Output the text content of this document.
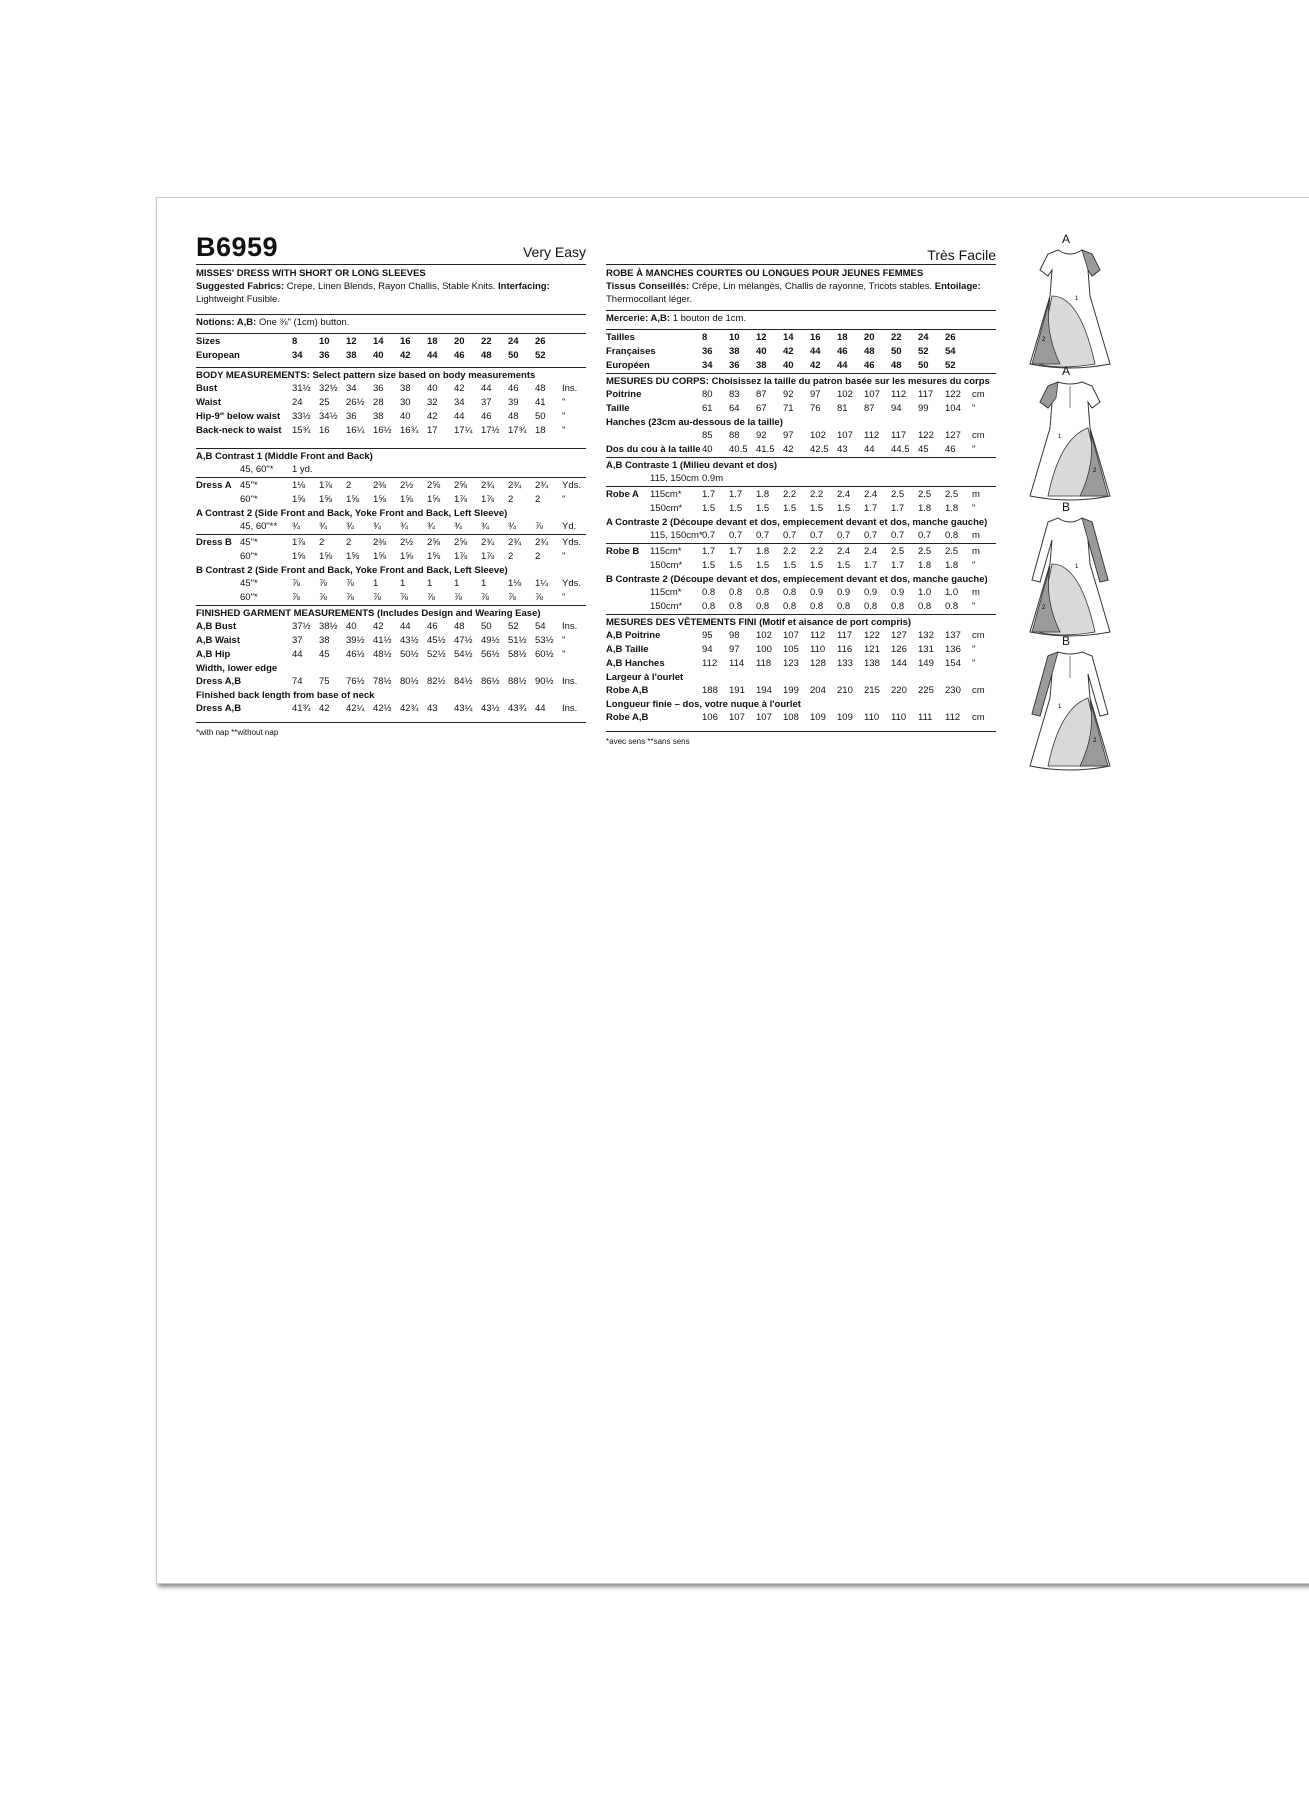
B6959	Very Easy
MISSES' DRESS WITH SHORT OR LONG SLEEVES
Suggested Fabrics: Crepe, Linen Blends, Rayon Challis, Stable Knits. Interfacing: Lightweight Fusible.
Notions: A,B: One ⅜" (1cm) button.
Sizes	8	10	12	14	16	18	20	22	24	26	
European	34	36	38	40	42	44	46	48	50	52	
BODY MEASUREMENTS: Select pattern size based on body measurements
Bust	31½	32½	34	36	38	40	42	44	46	48	Ins.
Waist	24	25	26½	28	30	32	34	37	39	41	"
Hip-9" below waist	33½	34½	36	38	40	42	44	46	48	50	"
Back-neck to waist	15¾	16	16¼	16½	16¾	17	17¼	17½	17¾	18	"
A,B Contrast 1 (Middle Front and Back)
	45, 60"*	1 yd.										
Dress A	45"*	1⅛	1⅞	2	2⅜	2½	2⅝	2⅝	2¾	2¾	2¾	Yds.
	60"*	1⅝	1⅝	1⅝	1⅝	1⅝	1⅝	1⅞	1⅞	2	2	"
A Contrast 2 (Side Front and Back, Yoke Front and Back, Left Sleeve)
	45, 60"**	¾	¾	¾	¾	¾	¾	¾	¾	¾	⅞	Yd.
Dress B	45"*	1⅞	2	2	2⅜	2½	2⅝	2⅝	2¾	2¾	2¾	Yds.
	60"*	1⅝	1⅝	1⅝	1⅝	1⅝	1⅝	1⅞	1⅞	2	2	"
B Contrast 2 (Side Front and Back, Yoke Front and Back, Left Sleeve)
	45"*	⅞	⅞	⅞	1	1	1	1	1	1⅛	1¼	Yds.
	60"*	⅞	⅞	⅞	⅞	⅞	⅞	⅞	⅞	⅞	⅞	"
FINISHED GARMENT MEASUREMENTS (Includes Design and Wearing Ease)
A,B Bust	37½	38½	40	42	44	46	48	50	52	54	Ins.
A,B Waist	37	38	39½	41½	43½	45½	47½	49½	51½	53½	"
A,B Hip	44	45	46½	48½	50½	52½	54½	56½	58½	60½	"
Width, lower edge
Dress A,B	74	75	76½	78½	80½	82½	84½	86½	88½	90½	Ins.
Finished back length from base of neck
Dress A,B	41¾	42	42¼	42½	42¾	43	43¼	43½	43¾	44	Ins.
*with nap **without nap
Très Facile
ROBE À MANCHES COURTES OU LONGUES POUR JEUNES FEMMES
Tissus Conseillés: Crêpe, Lin mélangés, Challis de rayonne, Tricots stables. Entoilage: Thermocollant léger.
Mercerie: A,B: 1 bouton de 1cm.
Tailles	8	10	12	14	16	18	20	22	24	26	
Françaises	36	38	40	42	44	46	48	50	52	54	
Européen	34	36	38	40	42	44	46	48	50	52	
MESURES DU CORPS: Choisissez la taille du patron basée sur les mesures du corps
Poitrine	80	83	87	92	97	102	107	112	117	122	cm
Taille	61	64	67	71	76	81	87	94	99	104	"
Hanches (23cm au-dessous de la taille)
	85	88	92	97	102	107	112	117	122	127	cm
Dos du cou à la taille	40	40.5	41.5	42	42.5	43	44	44.5	45	46	"
A,B Contraste 1 (Milieu devant et dos)
	115, 150cm	0.9m										
Robe A	115cm*	1.7	1.7	1.8	2.2	2.2	2.4	2.4	2.5	2.5	2.5	m
	150cm*	1.5	1.5	1.5	1.5	1.5	1.5	1.7	1.7	1.8	1.8	"
A Contraste 2 (Découpe devant et dos, empiecement devant et dos, manche gauche)
	115, 150cm*	0.7	0.7	0.7	0.7	0.7	0.7	0.7	0.7	0.7	0.8	m
Robe B	115cm*	1.7	1.7	1.8	2.2	2.2	2.4	2.4	2.5	2.5	2.5	m
	150cm*	1.5	1.5	1.5	1.5	1.5	1.5	1.7	1.7	1.8	1.8	"
B Contraste 2 (Découpe devant et dos, empiecement devant et dos, manche gauche)
	115cm*	0.8	0.8	0.8	0.8	0.9	0.9	0.9	0.9	1.0	1.0	m
	150cm*	0.8	0.8	0.8	0.8	0.8	0.8	0.8	0.8	0.8	0.8	"
MESURES DES VÊTEMENTS FINI (Motif et aisance de port compris)
A,B Poitrine	95	98	102	107	112	117	122	127	132	137	cm
A,B Taille	94	97	100	105	110	116	121	126	131	136	"
A,B Hanches	112	114	118	123	128	133	138	144	149	154	"
Largeur à l'ourlet
Robe A,B	188	191	194	199	204	210	215	220	225	230	cm
Longueur finie – dos, votre nuque à l'ourlet
Robe A,B	106	107	107	108	109	109	110	110	111	112	cm
*avec sens **sans sens
A
1
2
A
1
2
B
1
2
B
1
2
